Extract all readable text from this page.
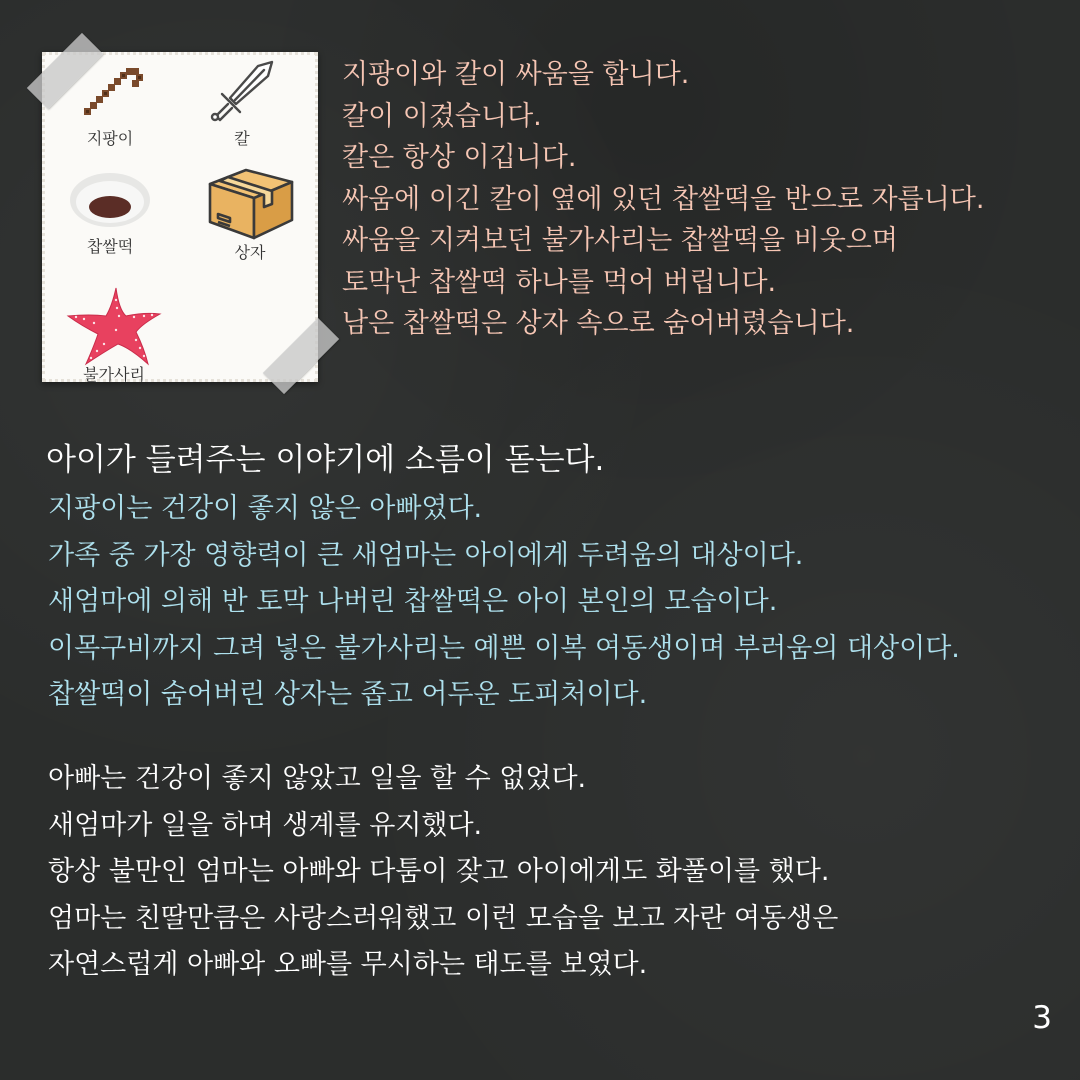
지팡이	칼
찹쌀떡	상자
불가사리
지팡이와 칼이 싸움을 합니다.
칼이 이겼습니다.
칼은 항상 이깁니다.
싸움에 이긴 칼이 옆에 있던 찹쌀떡을 반으로 자릅니다.
싸움을 지켜보던 불가사리는 찹쌀떡을 비웃으며
토막난 찹쌀떡 하나를 먹어 버립니다.
남은 찹쌀떡은 상자 속으로 숨어버렸습니다.
아이가 들려주는 이야기에 소름이 돋는다.
지팡이는 건강이 좋지 않은 아빠였다.
가족 중 가장 영향력이 큰 새엄마는 아이에게 두려움의 대상이다.
새엄마에 의해 반 토막 나버린 찹쌀떡은 아이 본인의 모습이다.
이목구비까지 그려 넣은 불가사리는 예쁜 이복 여동생이며 부러움의 대상이다.
찹쌀떡이 숨어버린 상자는 좁고 어두운 도피처이다.
아빠는 건강이 좋지 않았고 일을 할 수 없었다.
새엄마가 일을 하며 생계를 유지했다.
항상 불만인 엄마는 아빠와 다툼이 잦고 아이에게도 화풀이를 했다.
엄마는 친딸만큼은 사랑스러워했고 이런 모습을 보고 자란 여동생은
자연스럽게 아빠와 오빠를 무시하는 태도를 보였다.
3
